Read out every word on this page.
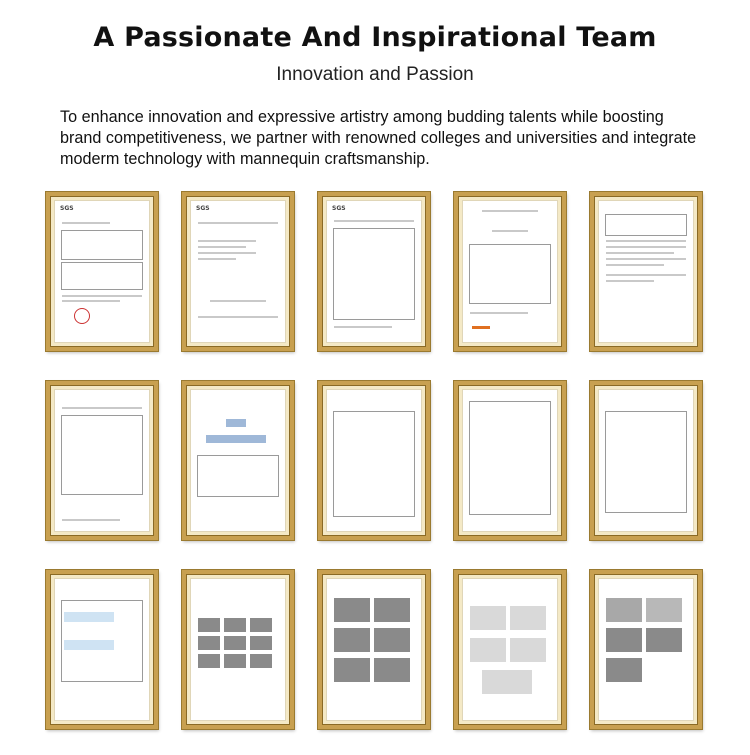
A Passionate And Inspirational Team
Innovation and Passion
To enhance innovation and expressive artistry among budding talents while boosting brand competitiveness, we partner with renowned colleges and universities and integrate moderm technology with mannequin craftsmanship.
SGS	SGS	SGS
